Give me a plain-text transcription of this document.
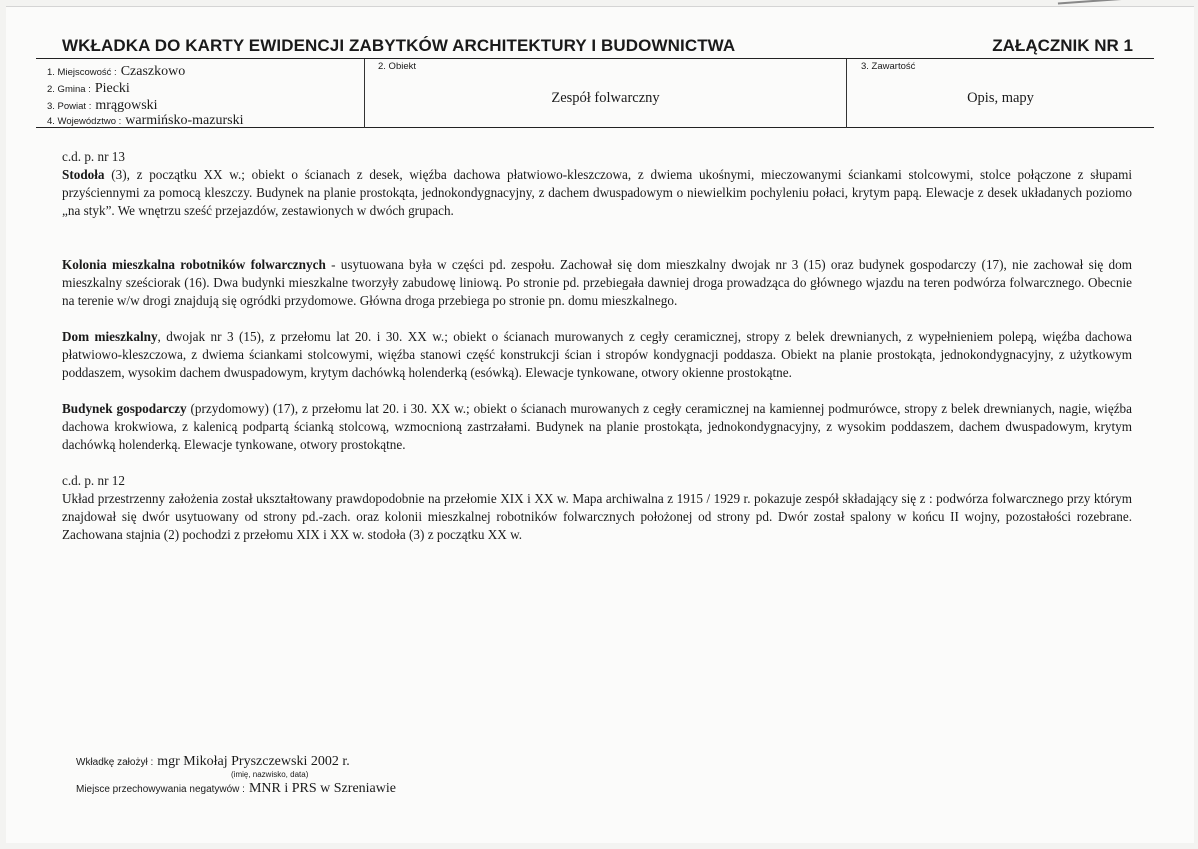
WKŁADKA DO KARTY EWIDENCJI ZABYTKÓW ARCHITEKTURY I BUDOWNICTWA	ZAŁĄCZNIK NR 1
1. Miejscowość : Czaszkowo
2. Gmina : Piecki
3. Powiat : mrągowski
4. Województwo : warmińsko-mazurski
2. Obiekt
Zespół folwarczny
3. Zawartość
Opis, mapy

c.d. p. nr 13

Stodoła (3), z początku XX w.; obiekt o ścianach z desek, więźba dachowa płatwiowo-kleszczowa, z dwiema ukośnymi, mieczowanymi ściankami stolcowymi, stolce połączone z słupami przyściennymi za pomocą kleszczy. Budynek na planie prostokąta, jednokondygnacyjny, z dachem dwuspadowym o niewielkim pochyleniu połaci, krytym papą. Elewacje z desek układanych poziomo „na styk”. We wnętrzu sześć przejazdów, zestawionych w dwóch grupach.

Kolonia mieszkalna robotników folwarcznych - usytuowana była w części pd. zespołu. Zachował się dom mieszkalny dwojak nr 3 (15) oraz budynek gospodarczy (17), nie zachował się dom mieszkalny sześciorak (16). Dwa budynki mieszkalne tworzyły zabudowę liniową. Po stronie pd. przebiegała dawniej droga prowadząca do głównego wjazdu na teren podwórza folwarcznego. Obecnie na terenie w/w drogi znajdują się ogródki przydomowe. Główna droga przebiega po stronie pn. domu mieszkalnego.

Dom mieszkalny, dwojak nr 3 (15), z przełomu lat 20. i 30. XX w.; obiekt o ścianach murowanych z cegły ceramicznej, stropy z belek drewnianych, z wypełnieniem polepą, więźba dachowa płatwiowo-kleszczowa, z dwiema ściankami stolcowymi, więźba stanowi część konstrukcji ścian i stropów kondygnacji poddasza. Obiekt na planie prostokąta, jednokondygnacyjny, z użytkowym poddaszem, wysokim dachem dwuspadowym, krytym dachówką holenderką (esówką). Elewacje tynkowane, otwory okienne prostokątne.

Budynek gospodarczy (przydomowy) (17), z przełomu lat 20. i 30. XX w.; obiekt o ścianach murowanych z cegły ceramicznej na kamiennej podmurówce, stropy z belek drewnianych, nagie, więźba dachowa krokwiowa, z kalenicą podpartą ścianką stolcową, wzmocnioną zastrzałami. Budynek na planie prostokąta, jednokondygnacyjny, z wysokim poddaszem, dachem dwuspadowym, krytym dachówką holenderką. Elewacje tynkowane, otwory prostokątne.

c.d. p. nr 12

Układ przestrzenny założenia został ukształtowany prawdopodobnie na przełomie XIX i XX w. Mapa archiwalna z 1915 / 1929 r. pokazuje zespół składający się z : podwórza folwarcznego przy którym znajdował się dwór usytuowany od strony pd.-zach. oraz kolonii mieszkalnej robotników folwarcznych położonej od strony pd. Dwór został spalony w końcu II wojny, pozostałości rozebrane. Zachowana stajnia (2) pochodzi z przełomu XIX i XX w. stodoła (3) z początku XX w.

Wkładkę założył : mgr Mikołaj Pryszczewski 2002 r.
(imię, nazwisko, data)
Miejsce przechowywania negatywów : MNR i PRS w Szreniawie
